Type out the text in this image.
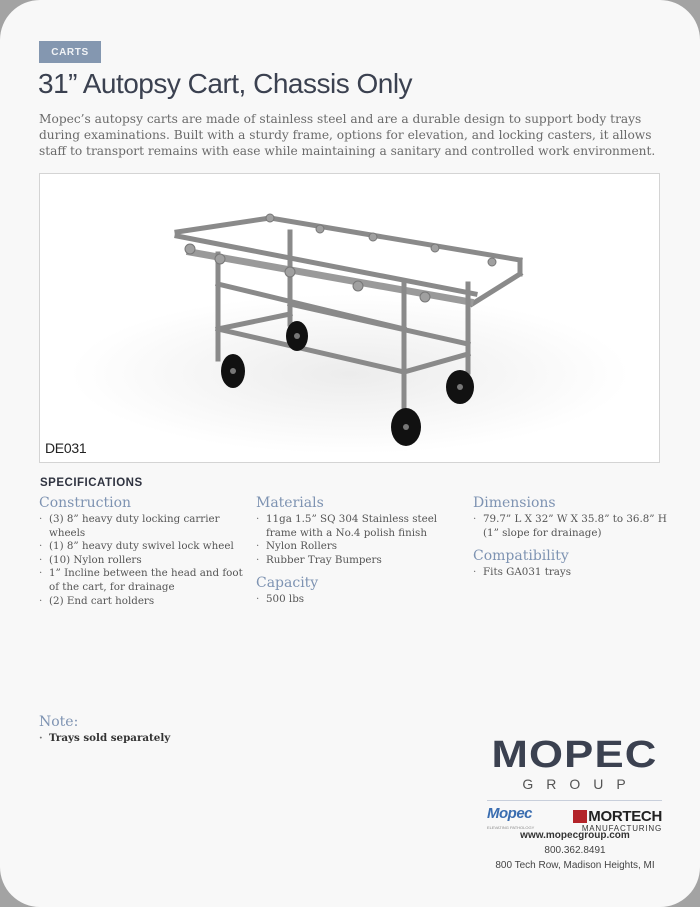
CARTS
31” Autopsy Cart, Chassis Only
Mopec’s autopsy carts are made of stainless steel and are a durable design to support body trays during examinations. Built with a sturdy frame, options for elevation, and locking casters, it allows staff to transport remains with ease while maintaining a sanitary and controlled work environment.
DE031
SPECIFICATIONS
Construction
· (3) 8” heavy duty locking carrier wheels
· (1) 8” heavy duty swivel lock wheel
· (10) Nylon rollers
· 1” Incline between the head and foot of the cart, for drainage
· (2) End cart holders
Materials
· 11ga 1.5” SQ 304 Stainless steel frame with a No.4 polish finish
· Nylon Rollers
· Rubber Tray Bumpers
Capacity
· 500 lbs
Dimensions
· 79.7” L X 32” W X 35.8” to 36.8” H (1” slope for drainage)
Compatibility
· Fits GA031 trays
Note:
· Trays sold separately	MOPEC
GROUP
Mopec
ELEVATING PATHOLOGY
MORTECH
MANUFACTURING
www.mopecgroup.com
800.362.8491
800 Tech Row, Madison Heights, MI
